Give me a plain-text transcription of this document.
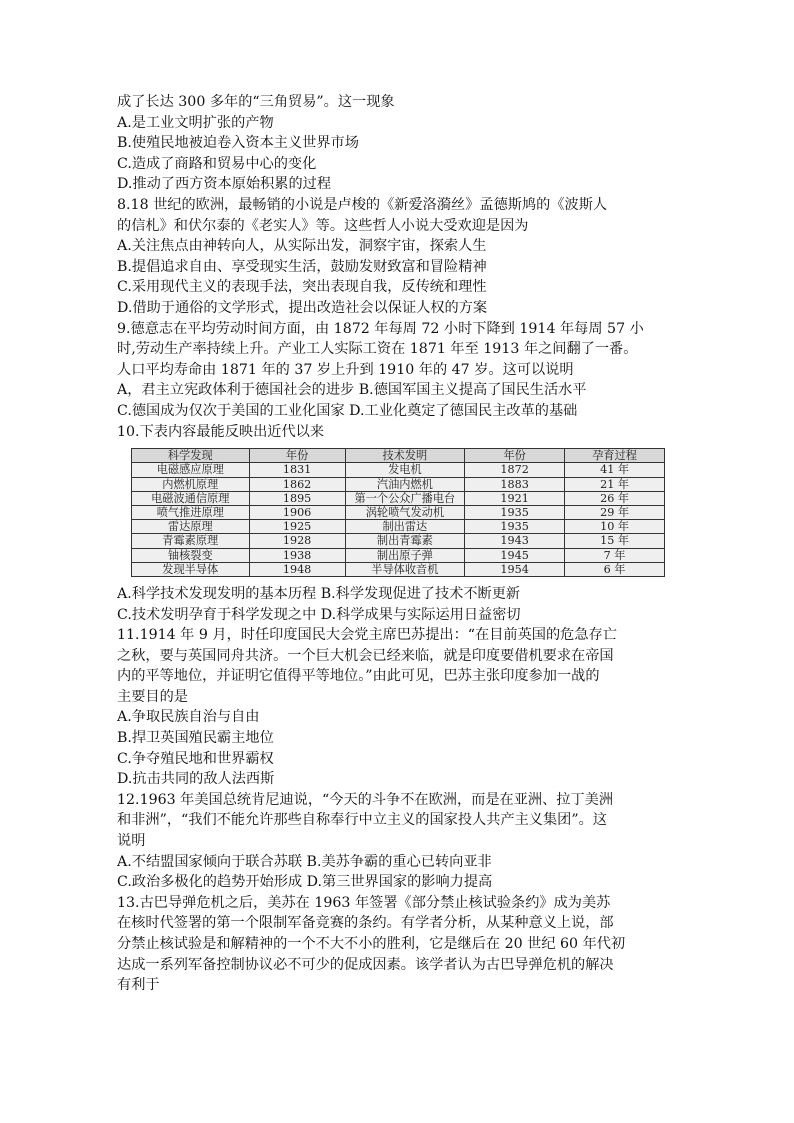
成了长达 300 多年的“三角贸易”。这一现象
A.是工业文明扩张的产物
B.使殖民地被迫卷入资本主义世界市场
C.造成了商路和贸易中心的变化
D.推动了西方资本原始积累的过程
8.18 世纪的欧洲，最畅销的小说是卢梭的《新爱洛漪丝》孟德斯鸠的《波斯人
的信札》和伏尔泰的《老实人》等。这些哲人小说大受欢迎是因为
A.关注焦点由神转向人，从实际出发，洞察宇宙，探索人生
B.提倡追求自由、享受现实生活，鼓励发财致富和冒险精神
C.采用现代主义的表现手法，突出表现自我，反传统和理性
D.借助于通俗的文学形式，提出改造社会以保证人权的方案
9.德意志在平均劳动时间方面，由 1872 年每周 72 小时下降到 1914 年每周 57 小
时,劳动生产率持续上升。产业工人实际工资在 1871 年至 1913 年之间翻了一番。
人口平均寿命由 1871 年的 37 岁上升到 1910 年的 47 岁。这可以说明
A，君主立宪政体利于德国社会的进步 B.德国军国主义提高了国民生活水平
C.德国成为仅次于美国的工业化国家 D.工业化奠定了德国民主改革的基础
10.下表内容最能反映出近代以来
科学发现	年份	技术发明	年份	孕育过程
电磁感应原理	1831	发电机	1872	41 年
内燃机原理	1862	汽油内燃机	1883	21 年
电磁波通信原理	1895	第一个公众广播电台	1921	26 年
喷气推进原理	1906	涡轮喷气发动机	1935	29 年
雷达原理	1925	制出雷达	1935	10 年
青霉素原理	1928	制出青霉素	1943	15 年
铀核裂变	1938	制出原子弹	1945	7 年
发现半导体	1948	半导体收音机	1954	6 年
A.科学技术发现发明的基本历程 B.科学发现促进了技术不断更新
C.技术发明孕育于科学发现之中 D.科学成果与实际运用日益密切
11.1914 年 9 月，时任印度国民大会党主席巴苏提出：“在目前英国的危急存亡
之秋，要与英国同舟共济。一个巨大机会已经来临，就是印度要借机要求在帝国
内的平等地位，并证明它值得平等地位。”由此可见，巴苏主张印度参加一战的
主要目的是
A.争取民族自治与自由
B.捍卫英国殖民霸主地位
C.争夺殖民地和世界霸权
D.抗击共同的敌人法西斯
12.1963 年美国总统肯尼迪说，“今天的斗争不在欧洲，而是在亚洲、拉丁美洲
和非洲”，“我们不能允许那些自称奉行中立主义的国家投人共产主义集团”。这
说明
A.不结盟国家倾向于联合苏联 B.美苏争霸的重心已转向亚非
C.政治多极化的趋势开始形成 D.第三世界国家的影响力提高
13.古巴导弹危机之后，美苏在 1963 年签署《部分禁止核试验条约》成为美苏
在核时代签署的第一个限制军备竞赛的条约。有学者分析，从某种意义上说，部
分禁止核试验是和解精神的一个不大不小的胜利，它是继后在 20 世纪 60 年代初
达成一系列军备控制协议必不可少的促成因素。该学者认为古巴导弹危机的解决
有利于
